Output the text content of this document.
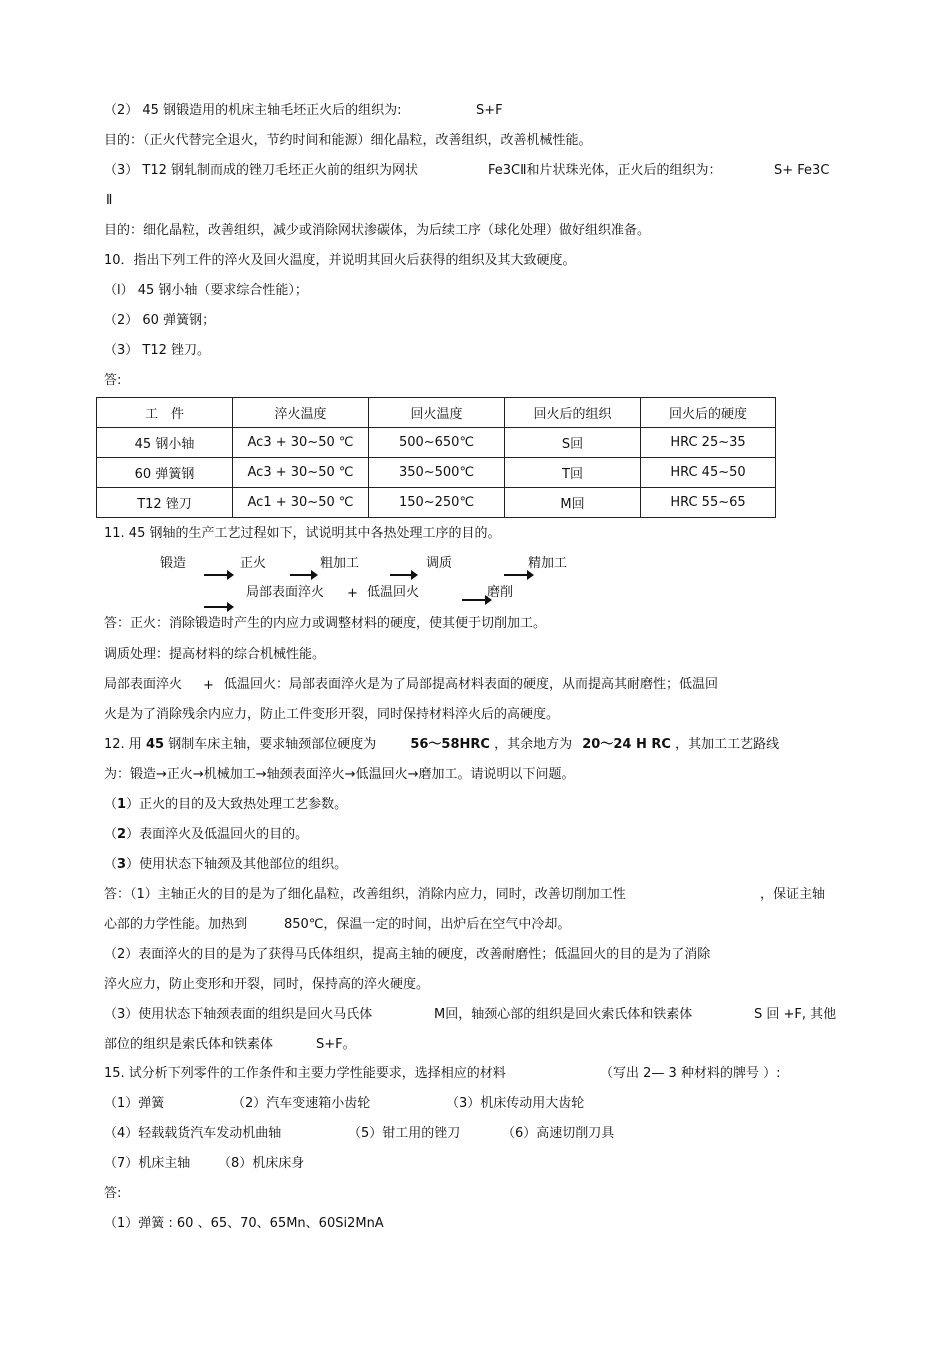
（2） 45 钢锻造用的机床主轴毛坯正火后的组织为:	S+F
目的：（正火代替完全退火，节约时间和能源）细化晶粒，改善组织，改善机械性能。
（3） T12 钢轧制而成的锉刀毛坯正火前的组织为网状	Fe3CⅡ和片状珠光体，正火后的组织为：	S+ Fe3C
Ⅱ
目的：细化晶粒，改善组织，减少或消除网状渗碳体，为后续工序（球化处理）做好组织准备。
10．指出下列工件的淬火及回火温度，并说明其回火后获得的组织及其大致硬度。
（l） 45 钢小轴（要求综合性能）；
（2） 60 弹簧钢；
（3） T12 锉刀。
答:
工　件	淬火温度	回火温度	回火后的组织	回火后的硬度
45 钢小轴	Ac3 + 30~50 ℃	500~650℃	S回	HRC 25~35
60 弹簧钢	Ac3 + 30~50 ℃	350~500℃	T回	HRC 45~50
T12 锉刀	Ac1 + 30~50 ℃	150~250℃	M回	HRC 55~65
11. 45 钢轴的生产工艺过程如下，试说明其中各热处理工序的目的。
锻造	正火	粗加工	调质	精加工
局部表面淬火 + 低温回火	磨削
答：正火：消除锻造时产生的内应力或调整材料的硬度，使其便于切削加工。
调质处理：提高材料的综合机械性能。
局部表面淬火 + 低温回火：局部表面淬火是为了局部提高材料表面的硬度，从而提高其耐磨性；低温回
火是为了消除残余内应力，防止工件变形开裂，同时保持材料淬火后的高硬度。
12. 用 45 钢制车床主轴，要求轴颈部位硬度为	56～58HRC ，其余地方为 20～24 H RC ，其加工工艺路线
为：锻造→正火→机械加工→轴颈表面淬火→低温回火→磨加工。请说明以下问题。
（1）正火的目的及大致热处理工艺参数。
（2）表面淬火及低温回火的目的。
（3）使用状态下轴颈及其他部位的组织。
答：（1）主轴正火的目的是为了细化晶粒，改善组织，消除内应力，同时，改善切削加工性	，保证主轴
心部的力学性能。加热到	850℃，保温一定的时间，出炉后在空气中冷却。
（2）表面淬火的目的是为了获得马氏体组织，提高主轴的硬度，改善耐磨性；低温回火的目的是为了消除
淬火应力，防止变形和开裂，同时，保持高的淬火硬度。
（3）使用状态下轴颈表面的组织是回火马氏体	M回，轴颈心部的组织是回火索氏体和铁素体	S 回 +F, 其他
部位的组织是索氏体和铁素体	S+F。
15. 试分析下列零件的工作条件和主要力学性能要求，选择相应的材料	（写出 2— 3 种材料的牌号 ）:
（1）弹簧	（2）汽车变速箱小齿轮	（3）机床传动用大齿轮
（4）轻载载货汽车发动机曲轴	（5）钳工用的锉刀	（6）高速切削刀具
（7）机床主轴 （8）机床床身
答:
（1）弹簧 : 60 、65、70、65Mn、60Si2MnA
